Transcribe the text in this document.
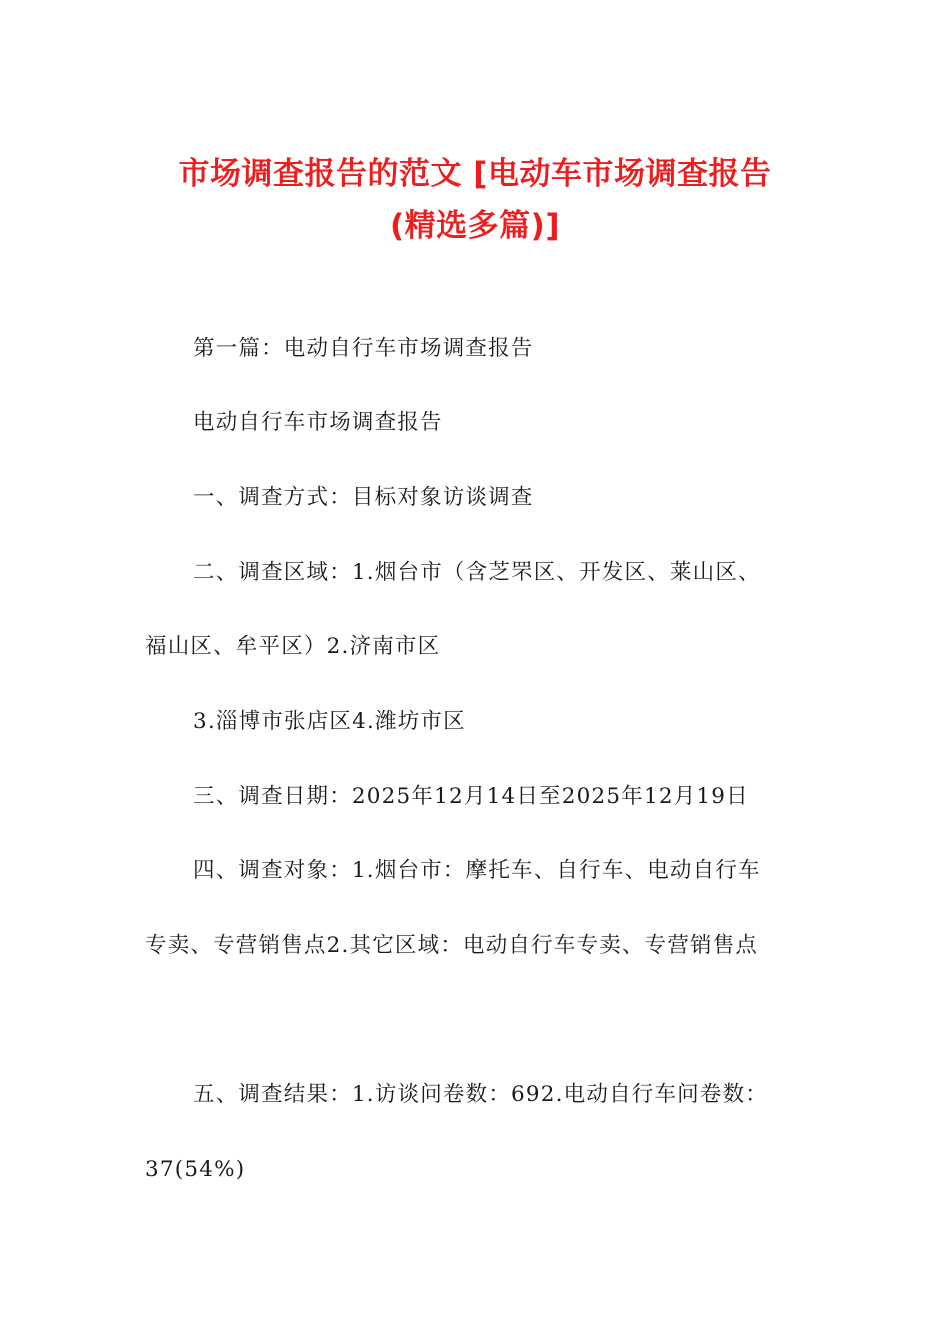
市场调查报告的范文 [电动车市场调查报告
(精选多篇)]
第一篇：电动自行车市场调查报告
电动自行车市场调查报告
一、调查方式：目标对象访谈调查
二、调查区域：1.烟台市（含芝罘区、开发区、莱山区、
福山区、牟平区）2.济南市区
3.淄博市张店区4.潍坊市区
三、调查日期：2025年12月14日至2025年12月19日
四、调查对象：1.烟台市：摩托车、自行车、电动自行车
专卖、专营销售点2.其它区域：电动自行车专卖、专营销售点
五、调查结果：1.访谈问卷数：692.电动自行车问卷数：
37(54%)
